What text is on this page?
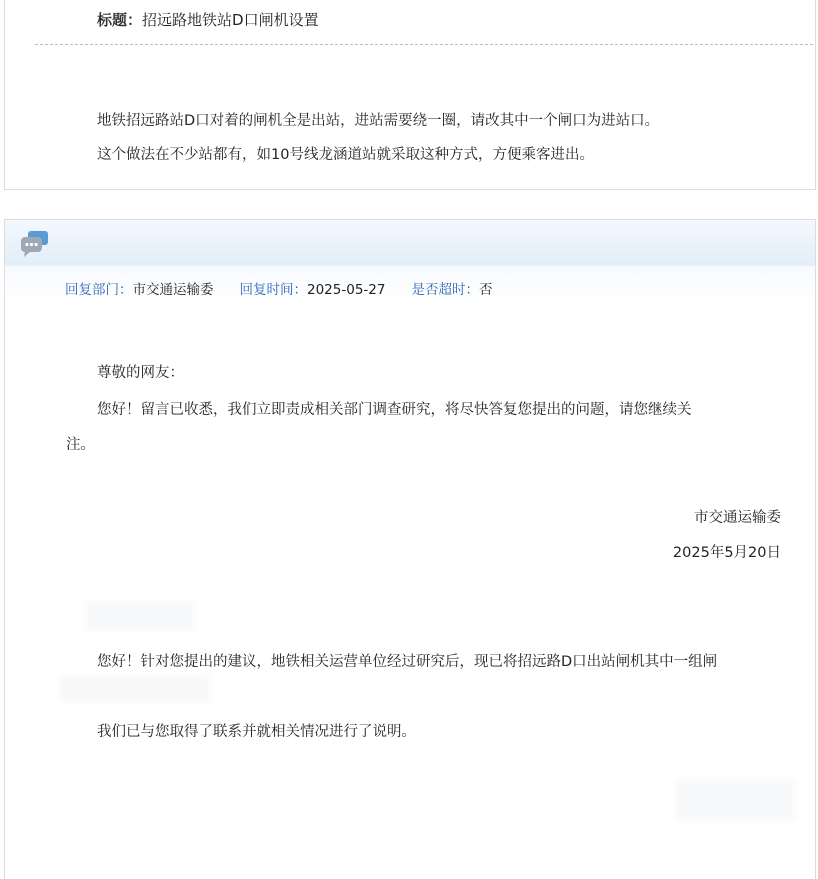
标题：招远路地铁站D口闸机设置

地铁招远路站D口对着的闸机全是出站，进站需要绕一圈，请改其中一个闸口为进站口。

这个做法在不少站都有，如10号线龙涵道站就采取这种方式，方便乘客进出。

回复部门：市交通运输委 回复时间：2025-05-27 是否超时：否

尊敬的网友：

您好！留言已收悉，我们立即责成相关部门调查研究，将尽快答复您提出的问题，请您继续关

注。

市交通运输委

2025年5月20日

您好！针对您提出的建议，地铁相关运营单位经过研究后，现已将招远路D口出站闸机其中一组闸

我们已与您取得了联系并就相关情况进行了说明。
